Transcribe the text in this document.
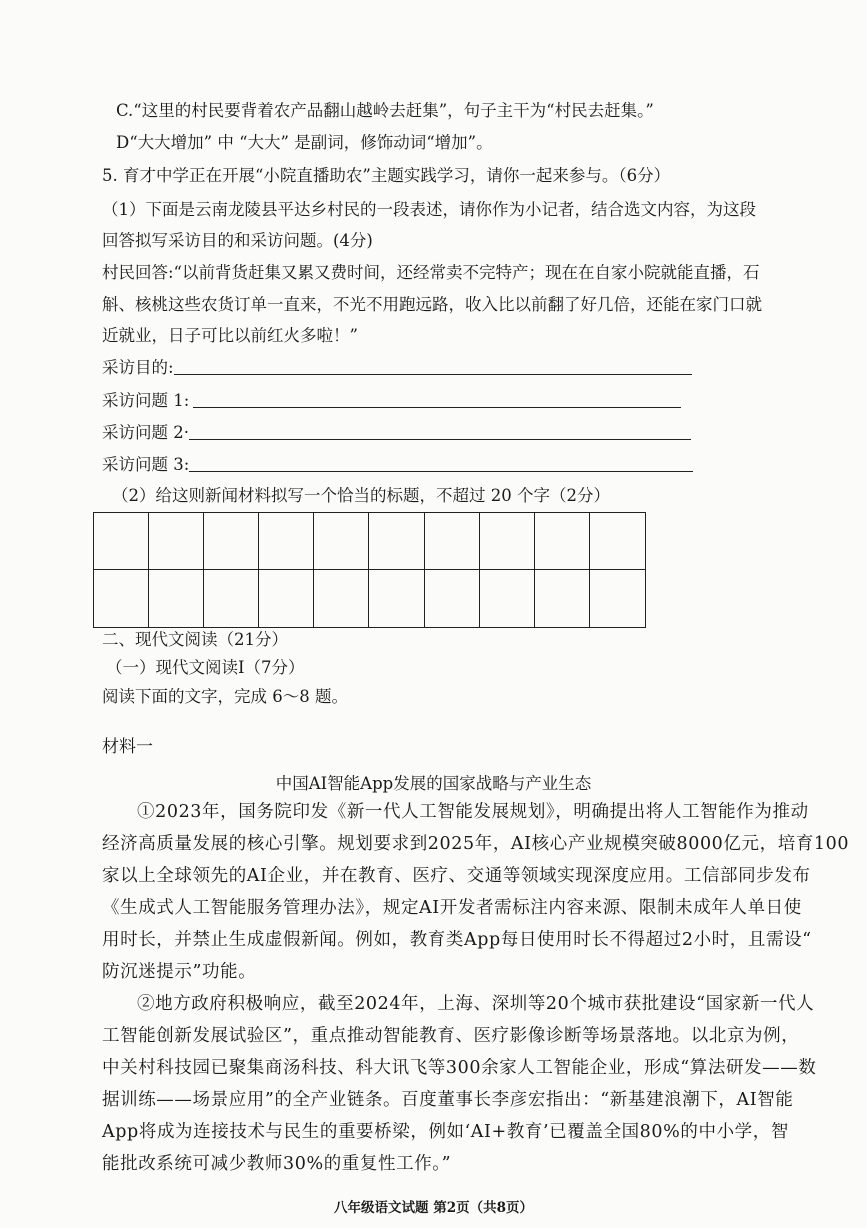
C.“这里的村民要背着农产品翻山越岭去赶集”，句子主干为“村民去赶集。”
D“大大增加” 中 “大大” 是副词，修饰动词“增加”。
5. 育才中学正在开展“小院直播助农”主题实践学习，请你一起来参与。（6分）
（1）下面是云南龙陵县平达乡村民的一段表述，请你作为小记者，结合选文内容，为这段
回答拟写采访目的和采访问题。(4分)
村民回答:“以前背货赶集又累又费时间，还经常卖不完特产；现在在自家小院就能直播，石
斛、核桃这些农货订单一直来，不光不用跑远路，收入比以前翻了好几倍，还能在家门口就
近就业，日子可比以前红火多啦！”
采访目的:
采访问题 1:
采访问题 2·
采访问题 3:
（2）给这则新闻材料拟写一个恰当的标题，不超过 20 个字（2分）
二、现代文阅读（21分）
（一）现代文阅读Ⅰ（7分）
阅读下面的文字，完成 6～8 题。
材料一
中国AI智能App发展的国家战略与产业生态
①2023年，国务院印发《新一代人工智能发展规划》，明确提出将人工智能作为推动
经济高质量发展的核心引擎。规划要求到2025年，AI核心产业规模突破8000亿元，培育100
家以上全球领先的AI企业，并在教育、医疗、交通等领域实现深度应用。工信部同步发布
《生成式人工智能服务管理办法》，规定AI开发者需标注内容来源、限制未成年人单日使
用时长，并禁止生成虚假新闻。例如，教育类App每日使用时长不得超过2小时，且需设“
防沉迷提示”功能。
②地方政府积极响应，截至2024年，上海、深圳等20个城市获批建设“国家新一代人
工智能创新发展试验区”，重点推动智能教育、医疗影像诊断等场景落地。以北京为例，
中关村科技园已聚集商汤科技、科大讯飞等300余家人工智能企业，形成“算法研发——数
据训练——场景应用”的全产业链条。百度董事长李彦宏指出：“新基建浪潮下，AI智能
App将成为连接技术与民生的重要桥梁，例如‘AI+教育’已覆盖全国80%的中小学，智
能批改系统可减少教师30%的重复性工作。”
八年级语文试题 第2页（共8页）
